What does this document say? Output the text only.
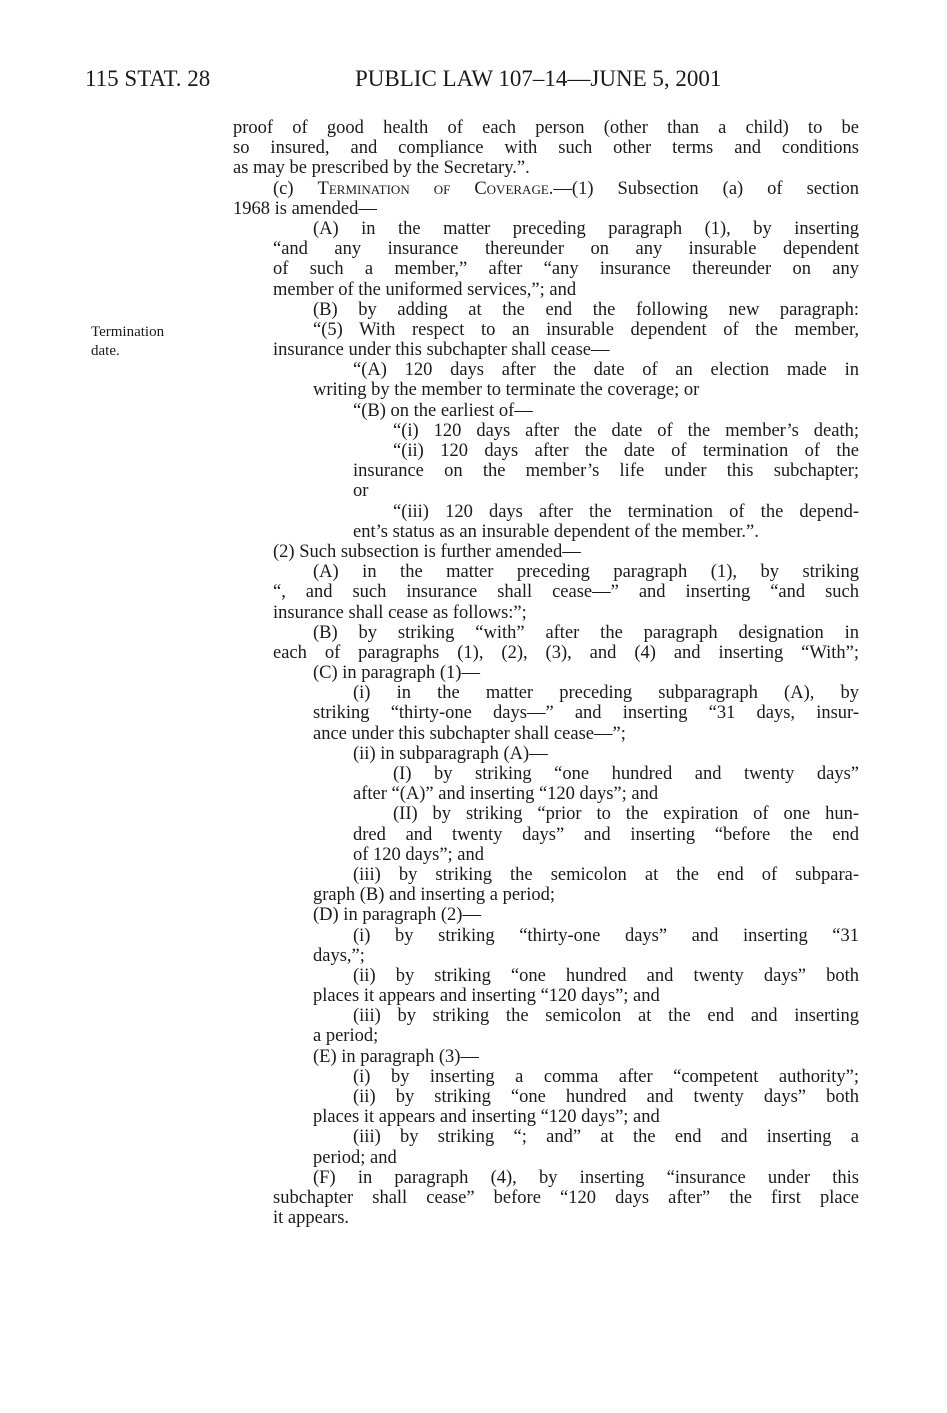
115 STAT. 28	PUBLIC LAW 107–14—JUNE 5, 2001
Termination
date.
proof of good health of each person (other than a child) to be
so insured, and compliance with such other terms and conditions
as may be prescribed by the Secretary.”.
(c) Termination of Coverage.—(1) Subsection (a) of section
1968 is amended—
(A) in the matter preceding paragraph (1), by inserting
“and any insurance thereunder on any insurable dependent
of such a member,” after “any insurance thereunder on any
member of the uniformed services,”; and
(B) by adding at the end the following new paragraph:
“(5) With respect to an insurable dependent of the member,
insurance under this subchapter shall cease—
“(A) 120 days after the date of an election made in
writing by the member to terminate the coverage; or
“(B) on the earliest of—
“(i) 120 days after the date of the member’s death;
“(ii) 120 days after the date of termination of the
insurance on the member’s life under this subchapter;
or
“(iii) 120 days after the termination of the depend-
ent’s status as an insurable dependent of the member.”.
(2) Such subsection is further amended—
(A) in the matter preceding paragraph (1), by striking
“, and such insurance shall cease—” and inserting “and such
insurance shall cease as follows:”;
(B) by striking “with” after the paragraph designation in
each of paragraphs (1), (2), (3), and (4) and inserting “With”;
(C) in paragraph (1)—
(i) in the matter preceding subparagraph (A), by
striking “thirty-one days—” and inserting “31 days, insur-
ance under this subchapter shall cease—”;
(ii) in subparagraph (A)—
(I) by striking “one hundred and twenty days”
after “(A)” and inserting “120 days”; and
(II) by striking “prior to the expiration of one hun-
dred and twenty days” and inserting “before the end
of 120 days”; and
(iii) by striking the semicolon at the end of subpara-
graph (B) and inserting a period;
(D) in paragraph (2)—
(i) by striking “thirty-one days” and inserting “31
days,”;
(ii) by striking “one hundred and twenty days” both
places it appears and inserting “120 days”; and
(iii) by striking the semicolon at the end and inserting
a period;
(E) in paragraph (3)—
(i) by inserting a comma after “competent authority”;
(ii) by striking “one hundred and twenty days” both
places it appears and inserting “120 days”; and
(iii) by striking “; and” at the end and inserting a
period; and
(F) in paragraph (4), by inserting “insurance under this
subchapter shall cease” before “120 days after” the first place
it appears.
